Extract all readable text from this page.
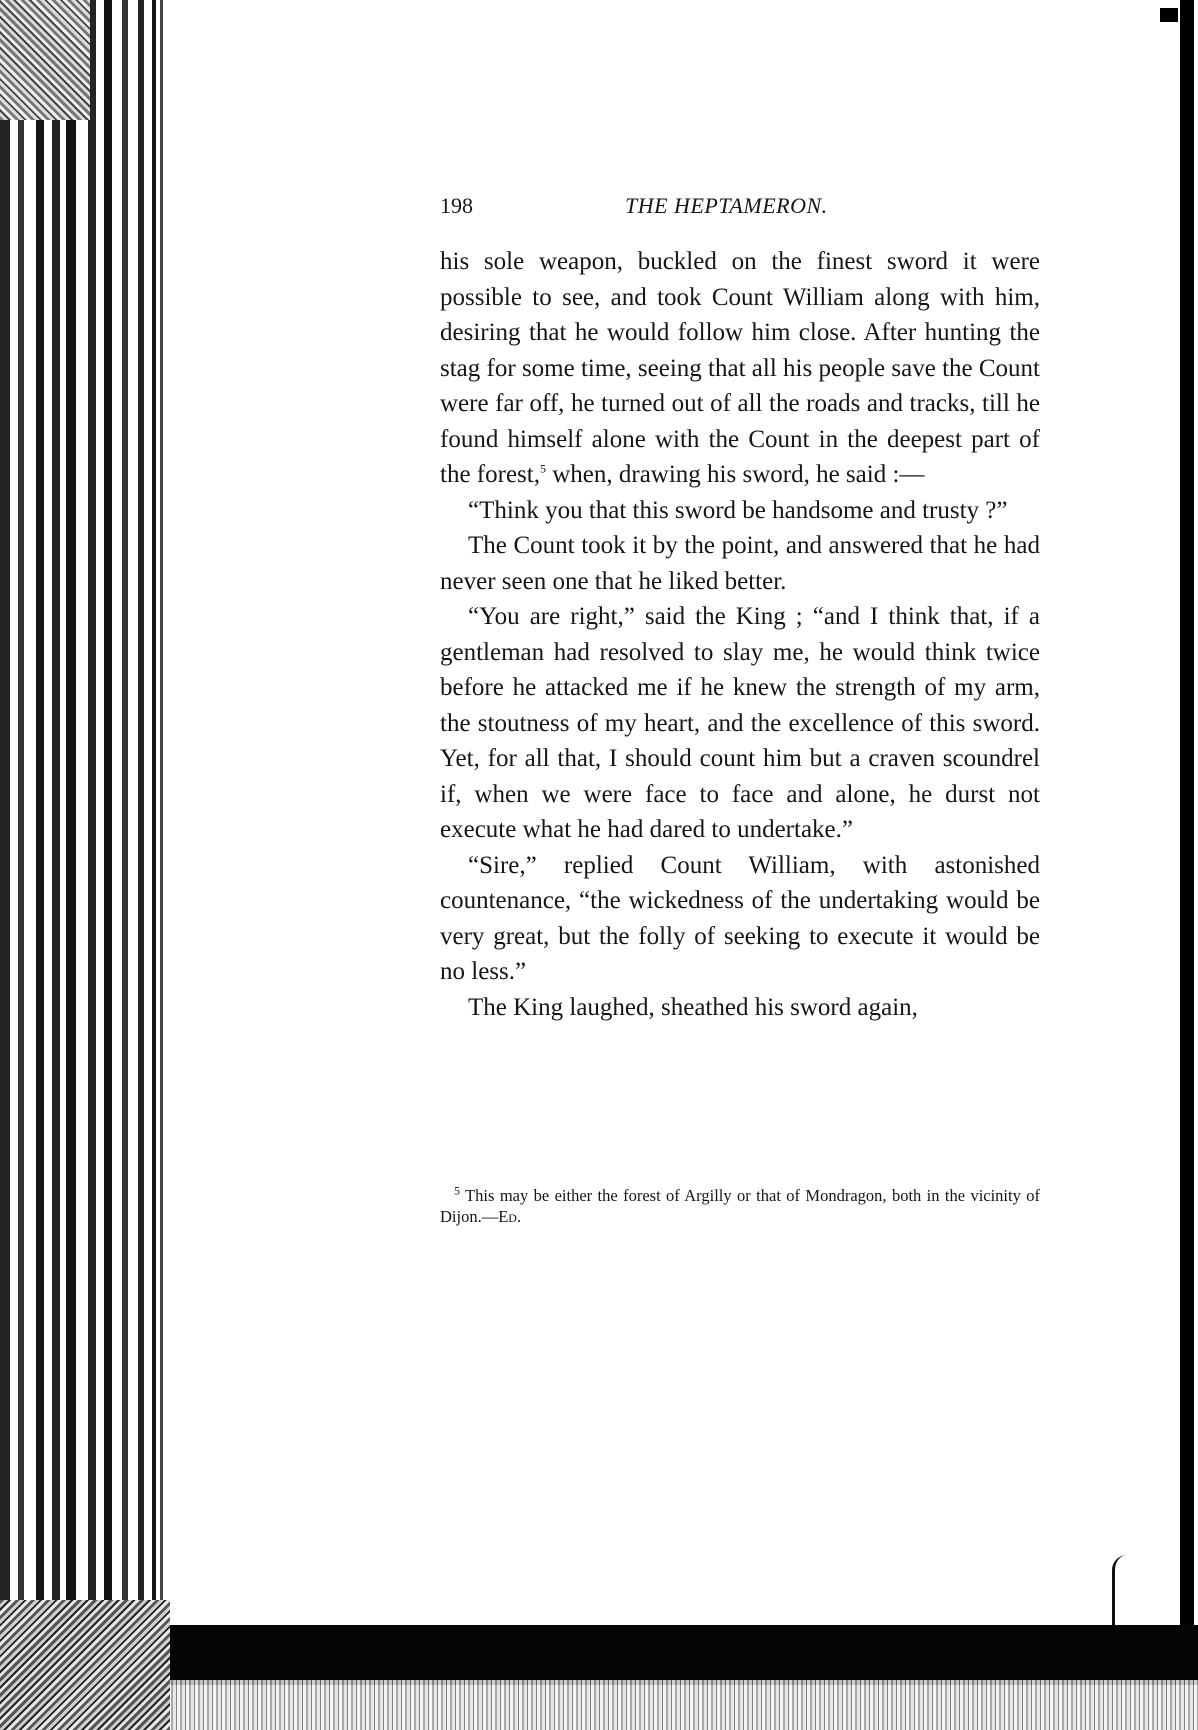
198	THE HEPTAMERON.

his sole weapon, buckled on the finest sword it were possible to see, and took Count William along with him, desiring that he would follow him close. After hunting the stag for some time, seeing that all his people save the Count were far off, he turned out of all the roads and tracks, till he found himself alone with the Count in the deepest part of the forest,$^5$ when, drawing his sword, he said :—

“Think you that this sword be handsome and trusty ?”

The Count took it by the point, and answered that he had never seen one that he liked better.

“You are right,” said the King ; “and I think that, if a gentleman had resolved to slay me, he would think twice before he attacked me if he knew the strength of my arm, the stoutness of my heart, and the excellence of this sword. Yet, for all that, I should count him but a craven scoundrel if, when we were face to face and alone, he durst not execute what he had dared to undertake.”

“Sire,” replied Count William, with astonished countenance, “the wickedness of the undertaking would be very great, but the folly of seeking to execute it would be no less.”

The King laughed, sheathed his sword again,

$^5$ This may be either the forest of Argilly or that of Mondragon, both in the vicinity of Dijon.—Ed.
